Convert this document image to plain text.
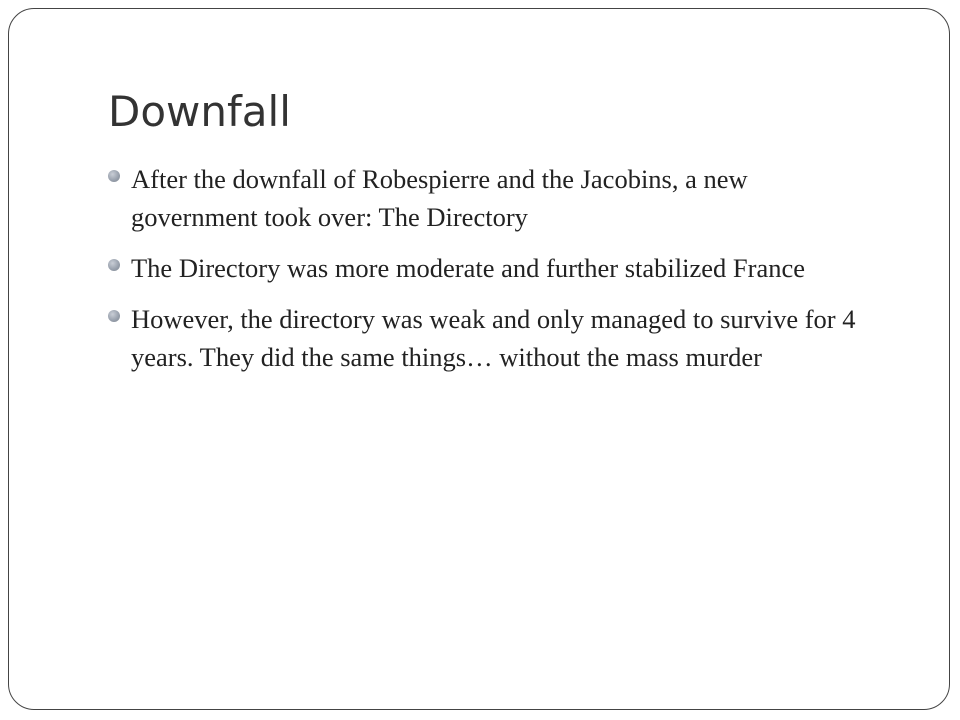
Downfall
After the downfall of Robespierre and the Jacobins, a new government took over: The Directory
The Directory was more moderate and further stabilized France
However, the directory was weak and only managed to survive for 4 years. They did the same things… without the mass murder
